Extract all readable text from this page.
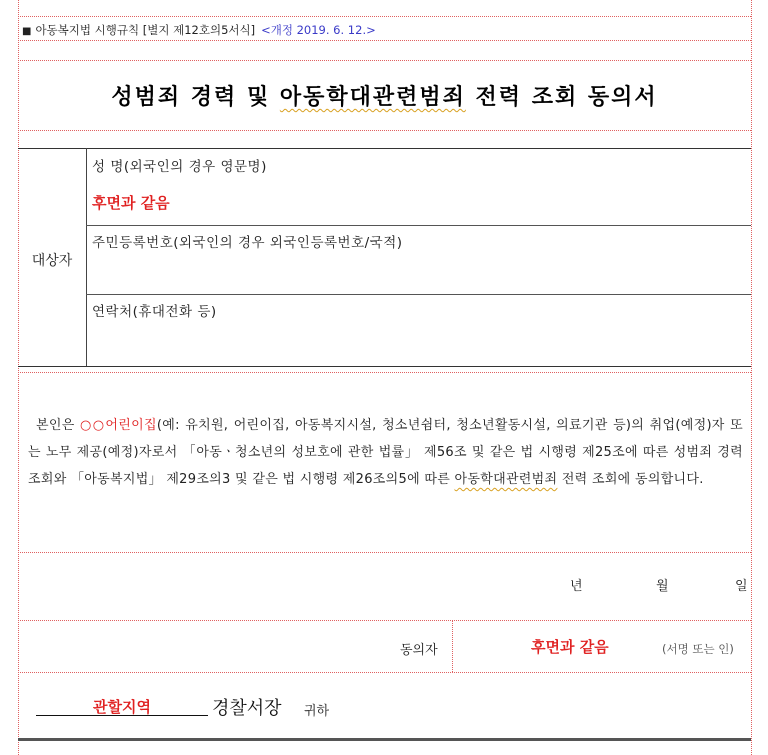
■ 아동복지법 시행규칙 [별지 제12호의5서식] <개정 2019. 6. 12.>
성범죄 경력 및 아동학대관련범죄 전력 조회 동의서
대상자
성 명(외국인의 경우 영문명)
후면과 같음
주민등록번호(외국인의 경우 외국인등록번호/국적)
연락처(휴대전화 등)
본인은 ○○어린이집(예: 유치원, 어린이집, 아동복지시설, 청소년쉼터, 청소년활동시설, 의료기관 등)의 취업(예정)자 또는 노무 제공(예정)자로서 「아동ㆍ청소년의 성보호에 관한 법률」 제56조 및 같은 법 시행령 제25조에 따른 성범죄 경력 조회와 「아동복지법」 제29조의3 및 같은 법 시행령 제26조의5에 따른 아동학대관련범죄 전력 조회에 동의합니다.
년	월	일
동의자	후면과 같음	(서명 또는 인)
관할지역	경찰서장 귀하
